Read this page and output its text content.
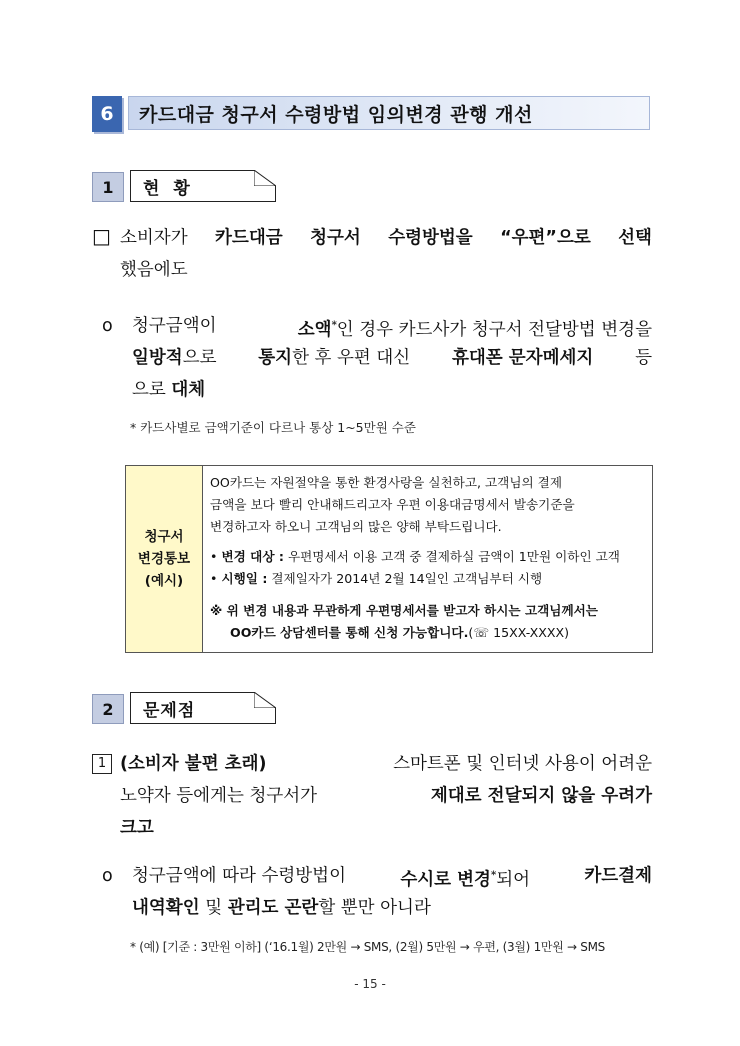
6	카드대금 청구서 수령방법 임의변경 관행 개선
1	현 황
□ 소비자가 카드대금 청구서 수령방법을 “우편”으로 선택
했음에도
o 청구금액이	소액*인 경우 카드사가 청구서 전달방법 변경을
일방적으로 통지한 후 우편 대신 휴대폰 문자메세지 등
으로 대체
* 카드사별로 금액기준이 다르나 통상 1~5만원 수준
청구서
변경통보
(예시)
OO카드는 자원절약을 통한 환경사랑을 실천하고, 고객님의 결제
금액을 보다 빨리 안내해드리고자 우편 이용대금명세서 발송기준을
변경하고자 하오니 고객님의 많은 양해 부탁드립니다.
• 변경 대상 : 우편명세서 이용 고객 중 결제하실 금액이 1만원 이하인 고객
• 시행일 : 결제일자가 2014년 2월 14일인 고객님부터 시행
※ 위 변경 내용과 무관하게 우편명세서를 받고자 하시는 고객님께서는
OO카드 상담센터를 통해 신청 가능합니다.(☏ 15XX-XXXX)
2	문제점
1 (소비자 불편 초래)	스마트폰 및 인터넷 사용이 어려운
노약자 등에게는 청구서가	제대로 전달되지 않을 우려가
크고
o 청구금액에 따라 수령방법이	수시로 변경*되어	카드결제
내역확인 및 관리도 곤란할 뿐만 아니라
* (예) [기준 : 3만원 이하] (‘16.1월) 2만원 → SMS, (2월) 5만원 → 우편, (3월) 1만원 → SMS
- 15 -
